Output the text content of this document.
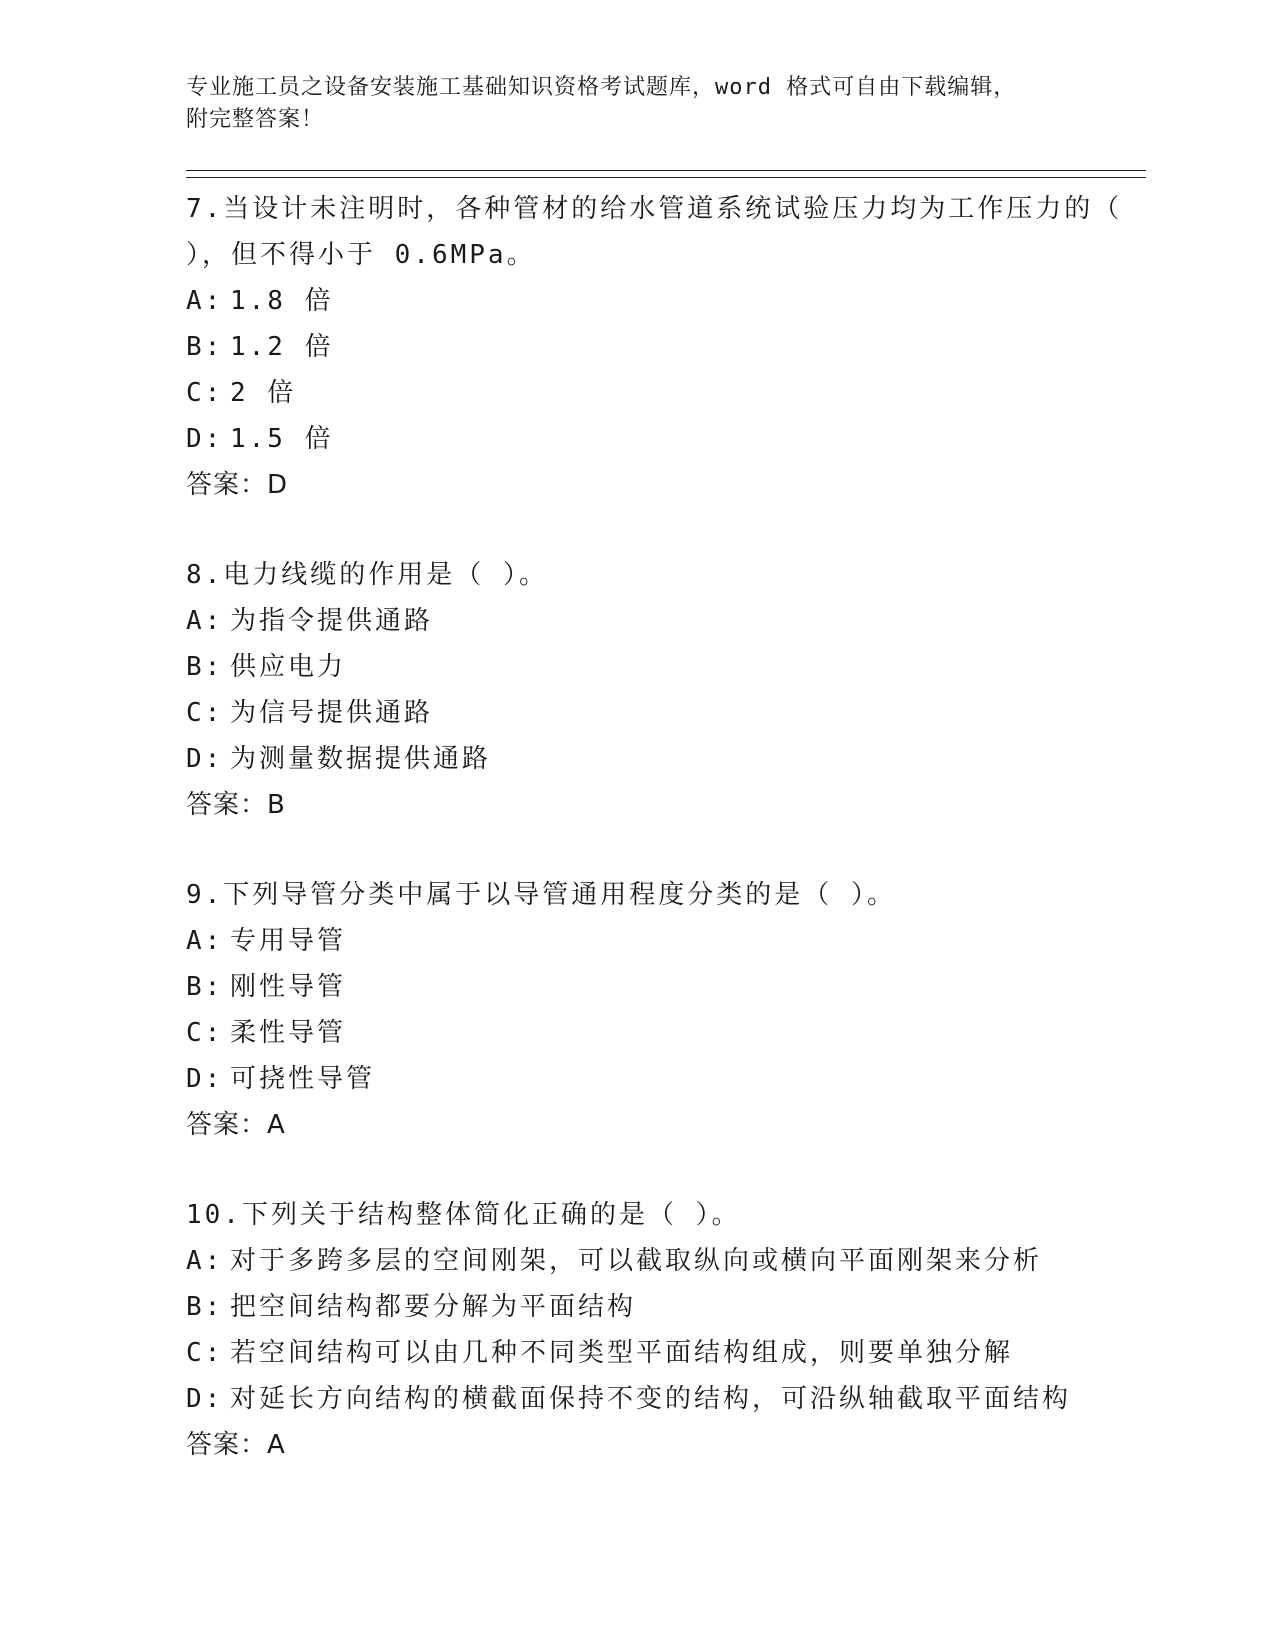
专业施工员之设备安装施工基础知识资格考试题库，word 格式可自由下载编辑，
附完整答案！

7.当设计未注明时，各种管材的给水管道系统试验压力均为工作压力的（ ），但不得小于 0.6MPa。

A: 1.8 倍

B: 1.2 倍

C: 2 倍

D: 1.5 倍

答案：D

8.电力线缆的作用是（ ）。

A: 为指令提供通路

B: 供应电力

C: 为信号提供通路

D: 为测量数据提供通路

答案：B

9.下列导管分类中属于以导管通用程度分类的是（ ）。

A: 专用导管

B: 刚性导管

C: 柔性导管

D: 可挠性导管

答案：A

10.下列关于结构整体简化正确的是（ ）。

A: 对于多跨多层的空间刚架，可以截取纵向或横向平面刚架来分析

B: 把空间结构都要分解为平面结构

C: 若空间结构可以由几种不同类型平面结构组成，则要单独分解

D: 对延长方向结构的横截面保持不变的结构，可沿纵轴截取平面结构

答案：A
